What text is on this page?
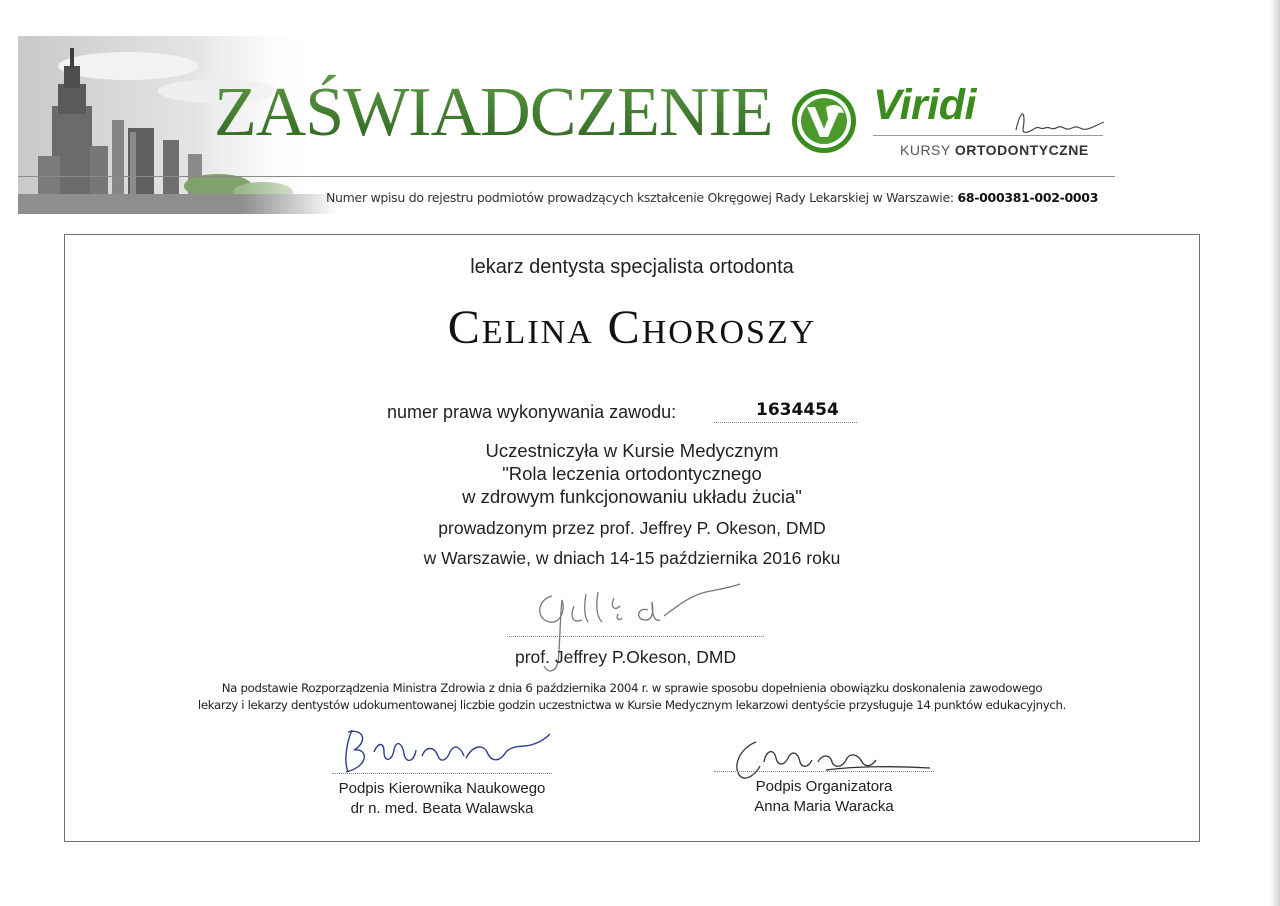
ZAŚWIADCZENIE Viridi
KURSY ORTODONTYCZNE
Numer wpisu do rejestru podmiotów prowadzących kształcenie Okręgowej Rady Lekarskiej w Warszawie: 68-000381-002-0003
lekarz dentysta specjalista ortodonta
Celina Choroszy
numer prawa wykonywania zawodu:	1634454
Uczestniczyła w Kursie Medycznym
"Rola leczenia ortodontycznego
w zdrowym funkcjonowaniu układu żucia"
prowadzonym przez prof. Jeffrey P. Okeson, DMD
w Warszawie, w dniach 14-15 października 2016 roku
prof. Jeffrey P.Okeson, DMD
Na podstawie Rozporządzenia Ministra Zdrowia z dnia 6 października 2004 r. w sprawie sposobu dopełnienia obowiązku doskonalenia zawodowego
lekarzy i lekarzy dentystów udokumentowanej liczbie godzin uczestnictwa w Kursie Medycznym lekarzowi dentyście przysługuje 14 punktów edukacyjnych.
Podpis Kierownika Naukowego
dr n. med. Beata Walawska
Podpis Organizatora
Anna Maria Waracka
